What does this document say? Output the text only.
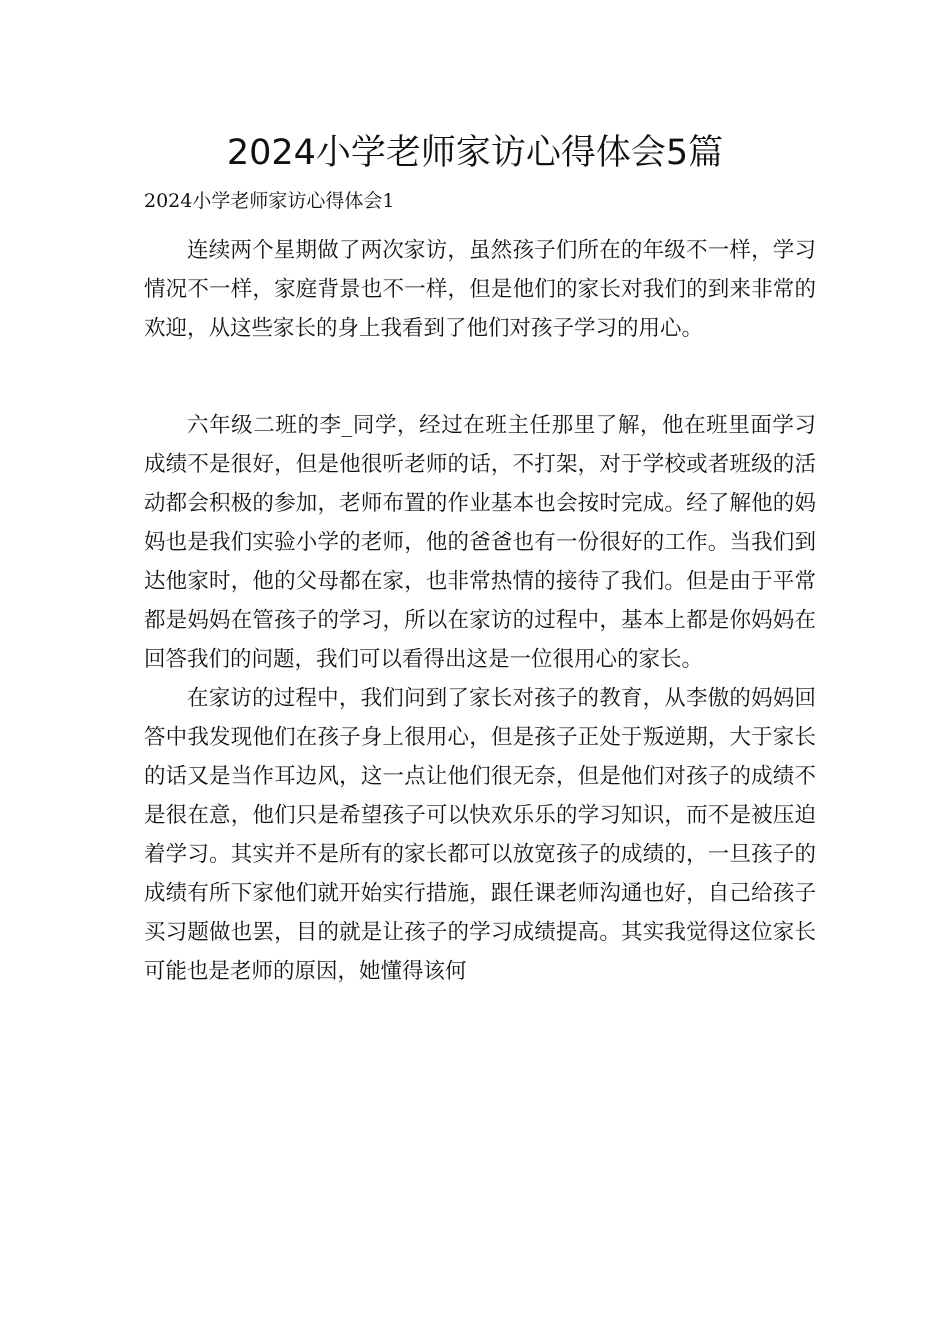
2024小学老师家访心得体会5篇

2024小学老师家访心得体会1

连续两个星期做了两次家访，虽然孩子们所在的年级不一样，学习情况不一样，家庭背景也不一样，但是他们的家长对我们的到来非常的欢迎，从这些家长的身上我看到了他们对孩子学习的用心。

六年级二班的李_同学，经过在班主任那里了解，他在班里面学习成绩不是很好，但是他很听老师的话，不打架，对于学校或者班级的活动都会积极的参加，老师布置的作业基本也会按时完成。经了解他的妈妈也是我们实验小学的老师，他的爸爸也有一份很好的工作。当我们到达他家时，他的父母都在家，也非常热情的接待了我们。但是由于平常都是妈妈在管孩子的学习，所以在家访的过程中，基本上都是你妈妈在回答我们的问题，我们可以看得出这是一位很用心的家长。

在家访的过程中，我们问到了家长对孩子的教育，从李傲的妈妈回答中我发现他们在孩子身上很用心，但是孩子正处于叛逆期，大于家长的话又是当作耳边风，这一点让他们很无奈，但是他们对孩子的成绩不是很在意，他们只是希望孩子可以快欢乐乐的学习知识，而不是被压迫着学习。其实并不是所有的家长都可以放宽孩子的成绩的，一旦孩子的成绩有所下家他们就开始实行措施，跟任课老师沟通也好，自己给孩子买习题做也罢，目的就是让孩子的学习成绩提高。其实我觉得这位家长可能也是老师的原因，她懂得该何
